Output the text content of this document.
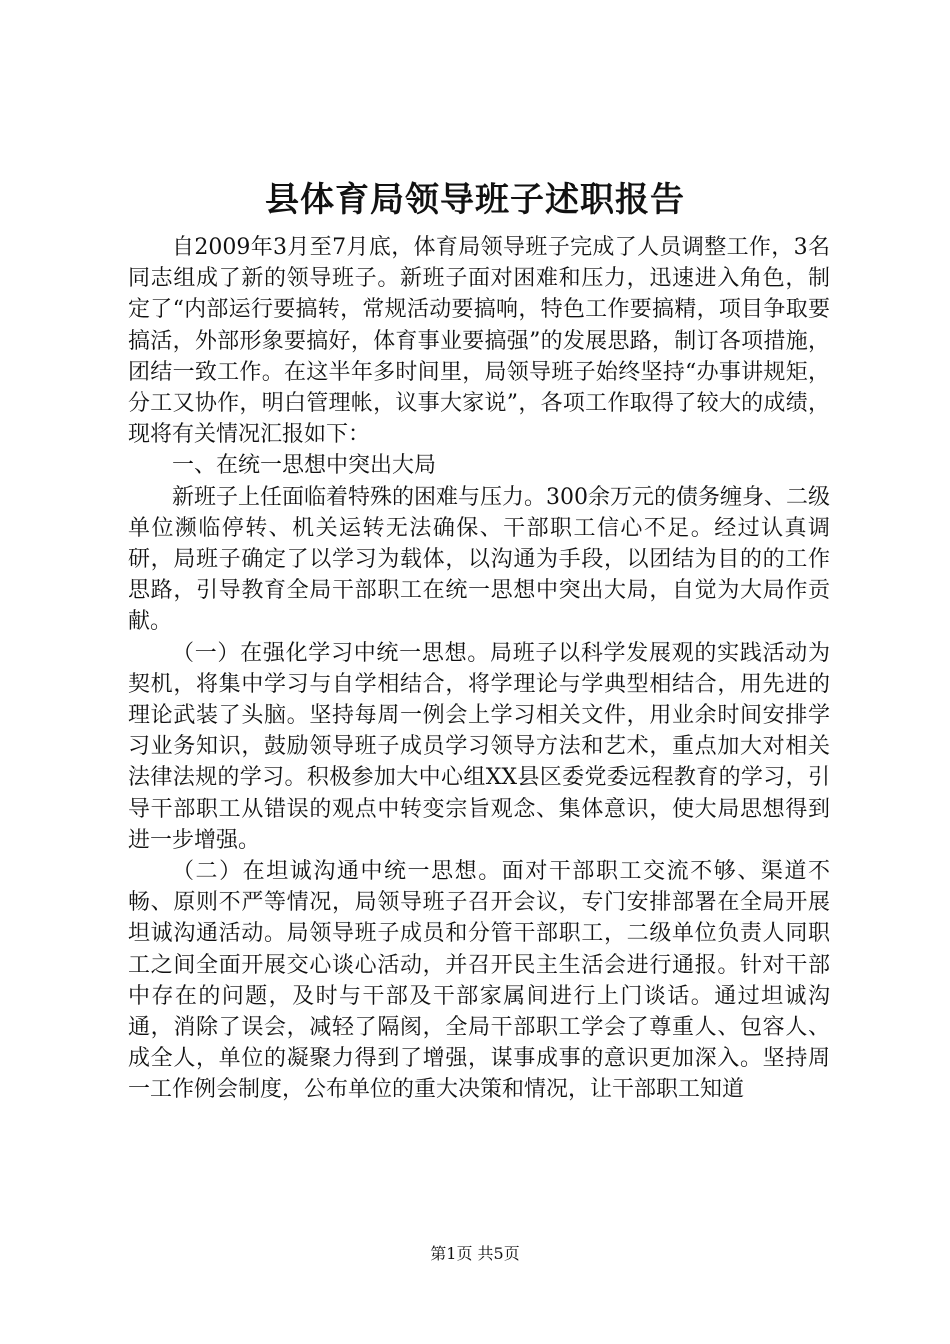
县体育局领导班子述职报告

自2009年3月至7月底，体育局领导班子完成了人员调整工作，3名同志组成了新的领导班子。新班子面对困难和压力，迅速进入角色，制定了“内部运行要搞转，常规活动要搞响，特色工作要搞精，项目争取要搞活，外部形象要搞好，体育事业要搞强”的发展思路，制订各项措施，团结一致工作。在这半年多时间里，局领导班子始终坚持“办事讲规矩，分工又协作，明白管理帐，议事大家说”，各项工作取得了较大的成绩，现将有关情况汇报如下：

一、在统一思想中突出大局

新班子上任面临着特殊的困难与压力。300余万元的债务缠身、二级单位濒临停转、机关运转无法确保、干部职工信心不足。经过认真调研，局班子确定了以学习为载体，以沟通为手段，以团结为目的的工作思路，引导教育全局干部职工在统一思想中突出大局，自觉为大局作贡献。

（一）在强化学习中统一思想。局班子以科学发展观的实践活动为契机，将集中学习与自学相结合，将学理论与学典型相结合，用先进的理论武装了头脑。坚持每周一例会上学习相关文件，用业余时间安排学习业务知识，鼓励领导班子成员学习领导方法和艺术，重点加大对相关法律法规的学习。积极参加大中心组XX县区委党委远程教育的学习，引导干部职工从错误的观点中转变宗旨观念、集体意识，使大局思想得到进一步增强。

（二）在坦诚沟通中统一思想。面对干部职工交流不够、渠道不畅、原则不严等情况，局领导班子召开会议，专门安排部署在全局开展坦诚沟通活动。局领导班子成员和分管干部职工，二级单位负责人同职工之间全面开展交心谈心活动，并召开民主生活会进行通报。针对干部中存在的问题，及时与干部及干部家属间进行上门谈话。通过坦诚沟通，消除了误会，减轻了隔阂，全局干部职工学会了尊重人、包容人、成全人，单位的凝聚力得到了增强，谋事成事的意识更加深入。坚持周一工作例会制度，公布单位的重大决策和情况，让干部职工知道

第1页 共5页
